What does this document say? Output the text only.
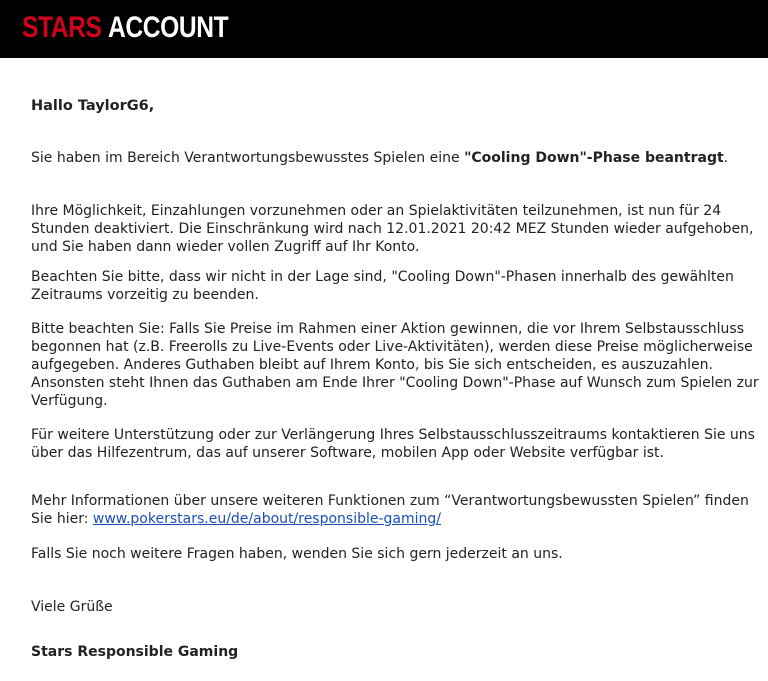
STARS ACCOUNT

Hallo TaylorG6,

Sie haben im Bereich Verantwortungsbewusstes Spielen eine "Cooling Down"-Phase beantragt.

Ihre Möglichkeit, Einzahlungen vorzunehmen oder an Spielaktivitäten teilzunehmen, ist nun für 24 Stunden deaktiviert. Die Einschränkung wird nach 12.01.2021 20:42 MEZ Stunden wieder aufgehoben, und Sie haben dann wieder vollen Zugriff auf Ihr Konto.

Beachten Sie bitte, dass wir nicht in der Lage sind, "Cooling Down"-Phasen innerhalb des gewählten Zeitraums vorzeitig zu beenden.

Bitte beachten Sie: Falls Sie Preise im Rahmen einer Aktion gewinnen, die vor Ihrem Selbstausschluss begonnen hat (z.B. Freerolls zu Live-Events oder Live-Aktivitäten), werden diese Preise möglicherweise aufgegeben. Anderes Guthaben bleibt auf Ihrem Konto, bis Sie sich entscheiden, es auszuzahlen. Ansonsten steht Ihnen das Guthaben am Ende Ihrer "Cooling Down"-Phase auf Wunsch zum Spielen zur Verfügung.

Für weitere Unterstützung oder zur Verlängerung Ihres Selbstausschlusszeitraums kontaktieren Sie uns über das Hilfezentrum, das auf unserer Software, mobilen App oder Website verfügbar ist.

Mehr Informationen über unsere weiteren Funktionen zum “Verantwortungsbewussten Spielen” finden Sie hier: www.pokerstars.eu/de/about/responsible-gaming/

Falls Sie noch weitere Fragen haben, wenden Sie sich gern jederzeit an uns.

Viele Grüße

Stars Responsible Gaming
